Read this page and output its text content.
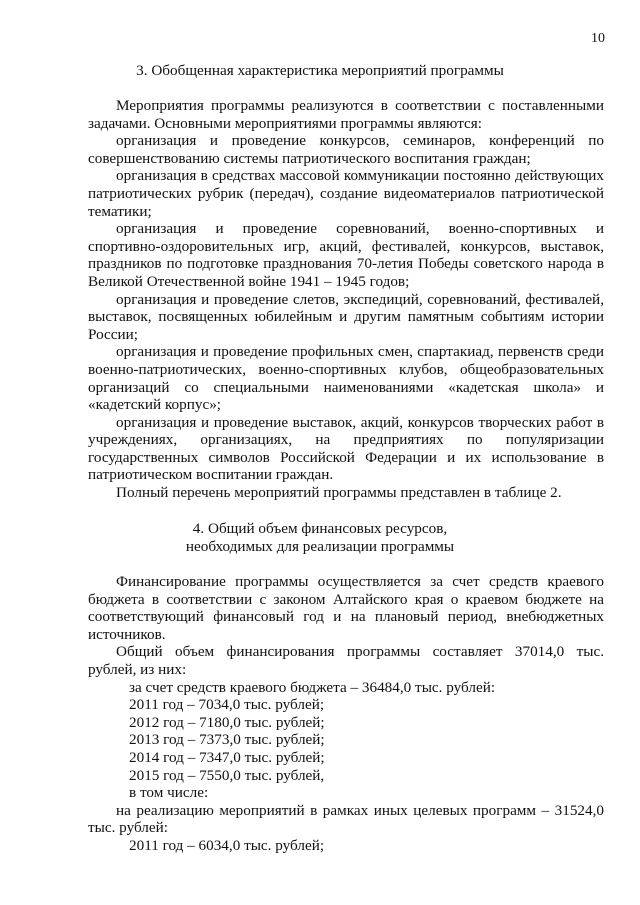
10
3. Обобщенная характеристика мероприятий программы

Мероприятия программы реализуются в соответствии с поставленными задачами. Основными мероприятиями программы являются:

организация и проведение конкурсов, семинаров, конференций по совершенствованию системы патриотического воспитания граждан;

организация в средствах массовой коммуникации постоянно действующих патриотических рубрик (передач), создание видеоматериалов патриотической тематики;

организация и проведение соревнований, военно-спортивных и спортивно-оздоровительных игр, акций, фестивалей, конкурсов, выставок, праздников по подготовке празднования 70-летия Победы советского народа в Великой Отечественной войне 1941 – 1945 годов;

организация и проведение слетов, экспедиций, соревнований, фестивалей, выставок, посвященных юбилейным и другим памятным событиям истории России;

организация и проведение профильных смен, спартакиад, первенств среди военно-патриотических, военно-спортивных клубов, общеобразовательных организаций со специальными наименованиями «кадетская школа» и «кадетский корпус»;

организация и проведение выставок, акций, конкурсов творческих работ в учреждениях, организациях, на предприятиях по популяризации государственных символов Российской Федерации и их использование в патриотическом воспитании граждан.

Полный перечень мероприятий программы представлен в таблице 2.

4. Общий объем финансовых ресурсов,
необходимых для реализации программы

Финансирование программы осуществляется за счет средств краевого бюджета в соответствии с законом Алтайского края о краевом бюджете на соответствующий финансовый год и на плановый период, внебюджетных источников.

Общий объем финансирования программы составляет 37014,0 тыс. рублей, из них:

за счет средств краевого бюджета – 36484,0 тыс. рублей:
2011 год – 7034,0 тыс. рублей;
2012 год – 7180,0 тыс. рублей;
2013 год – 7373,0 тыс. рублей;
2014 год – 7347,0 тыс. рублей;
2015 год – 7550,0 тыс. рублей,
в том числе:

на реализацию мероприятий в рамках иных целевых программ – 31524,0 тыс. рублей:

2011 год – 6034,0 тыс. рублей;
